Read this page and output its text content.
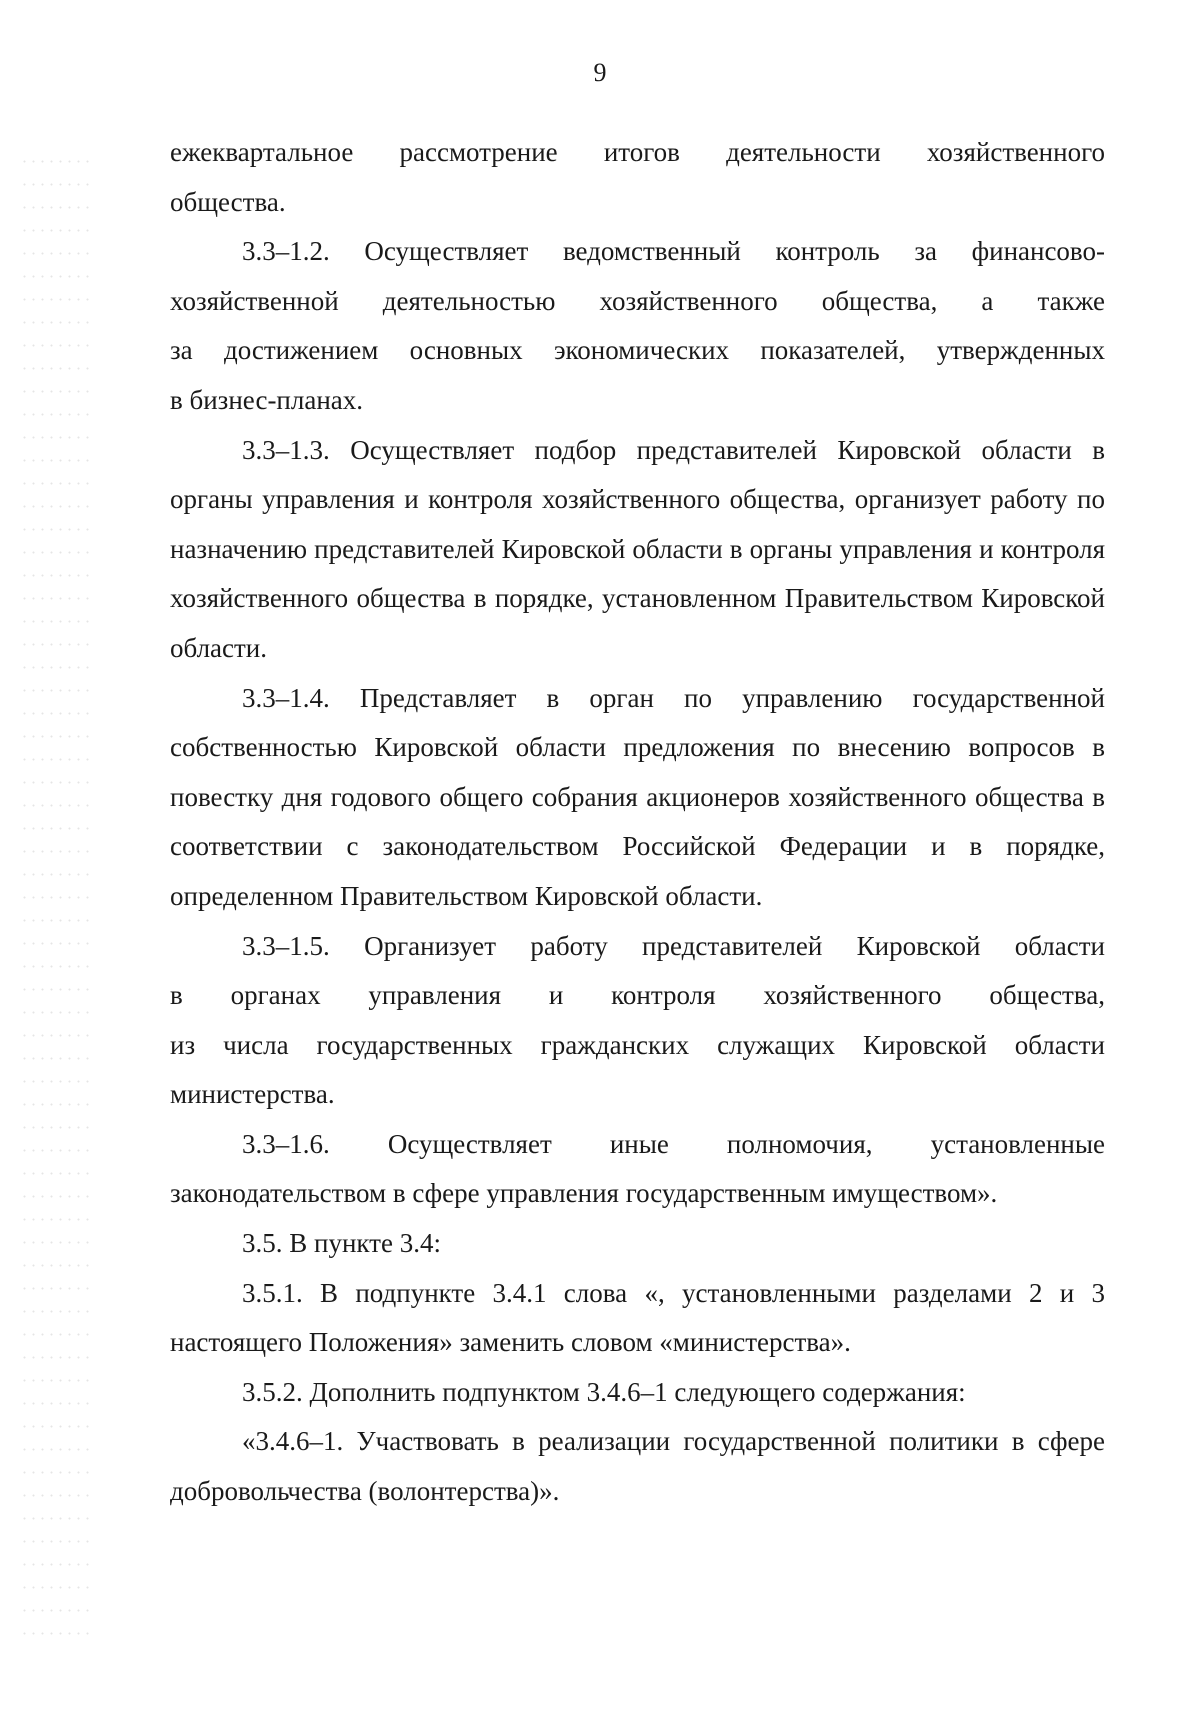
9
ежеквартальное рассмотрение итогов деятельности хозяйственного
общества.
3.3–1.2. Осуществляет ведомственный контроль за финансово-
хозяйственной деятельностью хозяйственного общества, а также
за достижением основных экономических показателей, утвержденных
в бизнес-планах.

3.3–1.3. Осуществляет подбор представителей Кировской области в органы управления и контроля хозяйственного общества, организует работу по назначению представителей Кировской области в органы управления и контроля хозяйственного общества в порядке, установленном Правительством Кировской области.

3.3–1.4. Представляет в орган по управлению государственной собственностью Кировской области предложения по внесению вопросов в повестку дня годового общего собрания акционеров хозяйственного общества в соответствии с законодательством Российской Федерации и в порядке, определенном Правительством Кировской области.

3.3–1.5. Организует работу представителей Кировской области
в органах управления и контроля хозяйственного общества,
из числа государственных гражданских служащих Кировской области
министерства.
3.3–1.6. Осуществляет иные полномочия, установленные
законодательством в сфере управления государственным имуществом».

3.5. В пункте 3.4:

3.5.1. В подпункте 3.4.1 слова «, установленными разделами 2 и 3 настоящего Положения» заменить словом «министерства».

3.5.2. Дополнить подпунктом 3.4.6–1 следующего содержания:

«3.4.6–1. Участвовать в реализации государственной политики в сфере добровольчества (волонтерства)».
